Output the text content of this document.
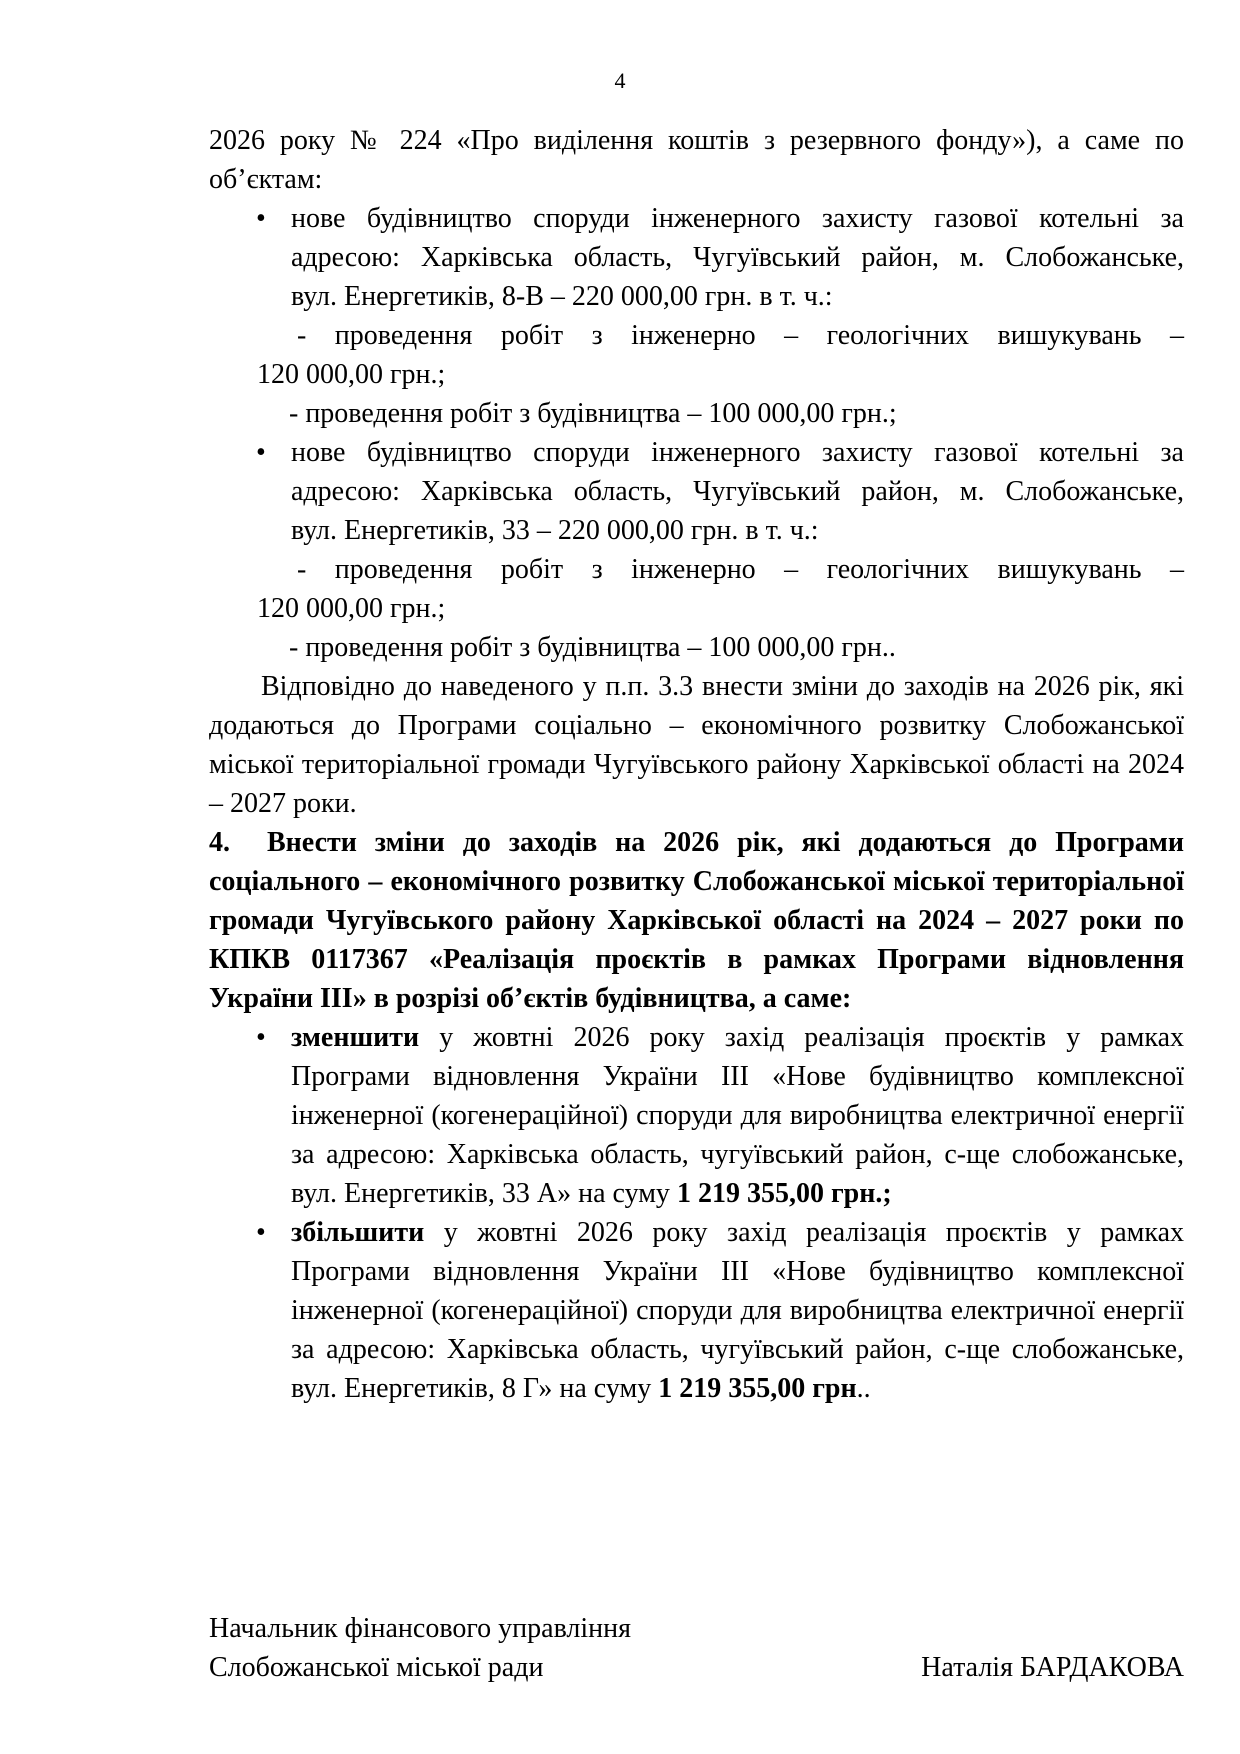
4

2026 року № 224 «Про виділення коштів з резервного фонду»), а саме по

об’єктам:

• нове будівництво споруди інженерного захисту газової котельні за

адресою: Харківська область, Чугуївський район, м. Слобожанське,

вул. Енергетиків, 8-В – 220 000,00 грн. в т. ч.:

- проведення робіт з інженерно – геологічних вишукувань –

120 000,00 грн.;

- проведення робіт з будівництва – 100 000,00 грн.;

• нове будівництво споруди інженерного захисту газової котельні за

адресою: Харківська область, Чугуївський район, м. Слобожанське,

вул. Енергетиків, 33 – 220 000,00 грн. в т. ч.:

- проведення робіт з інженерно – геологічних вишукувань –

120 000,00 грн.;

- проведення робіт з будівництва – 100 000,00 грн..

Відповідно до наведеного у п.п. 3.3 внести зміни до заходів на 2026 рік, які додаються до Програми соціально – економічного розвитку Слобожанської міської територіальної громади Чугуївського району Харківської області на 2024 – 2027 роки.

4. Внести зміни до заходів на 2026 рік, які додаються до Програми соціального – економічного розвитку Слобожанської міської територіальної громади Чугуївського району Харківської області на 2024 – 2027 роки по КПКВ 0117367 «Реалізація проєктів в рамках Програми відновлення України ІІІ» в розрізі об’єктів будівництва, а саме:

• зменшити у жовтні 2026 року захід реалізація проєктів у рамках Програми відновлення України ІІІ «Нове будівництво комплексної інженерної (когенераційної) споруди для виробництва електричної енергії за адресою: Харківська область, чугуївський район, с-ще слобожанське, вул. Енергетиків, 33 А» на суму 1 219 355,00 грн.;

• збільшити у жовтні 2026 року захід реалізація проєктів у рамках Програми відновлення України ІІІ «Нове будівництво комплексної інженерної (когенераційної) споруди для виробництва електричної енергії за адресою: Харківська область, чугуївський район, с-ще слобожанське, вул. Енергетиків, 8 Г» на суму 1 219 355,00 грн..

Начальник фінансового управління
Слобожанської міської ради	Наталія БАРДАКОВА
